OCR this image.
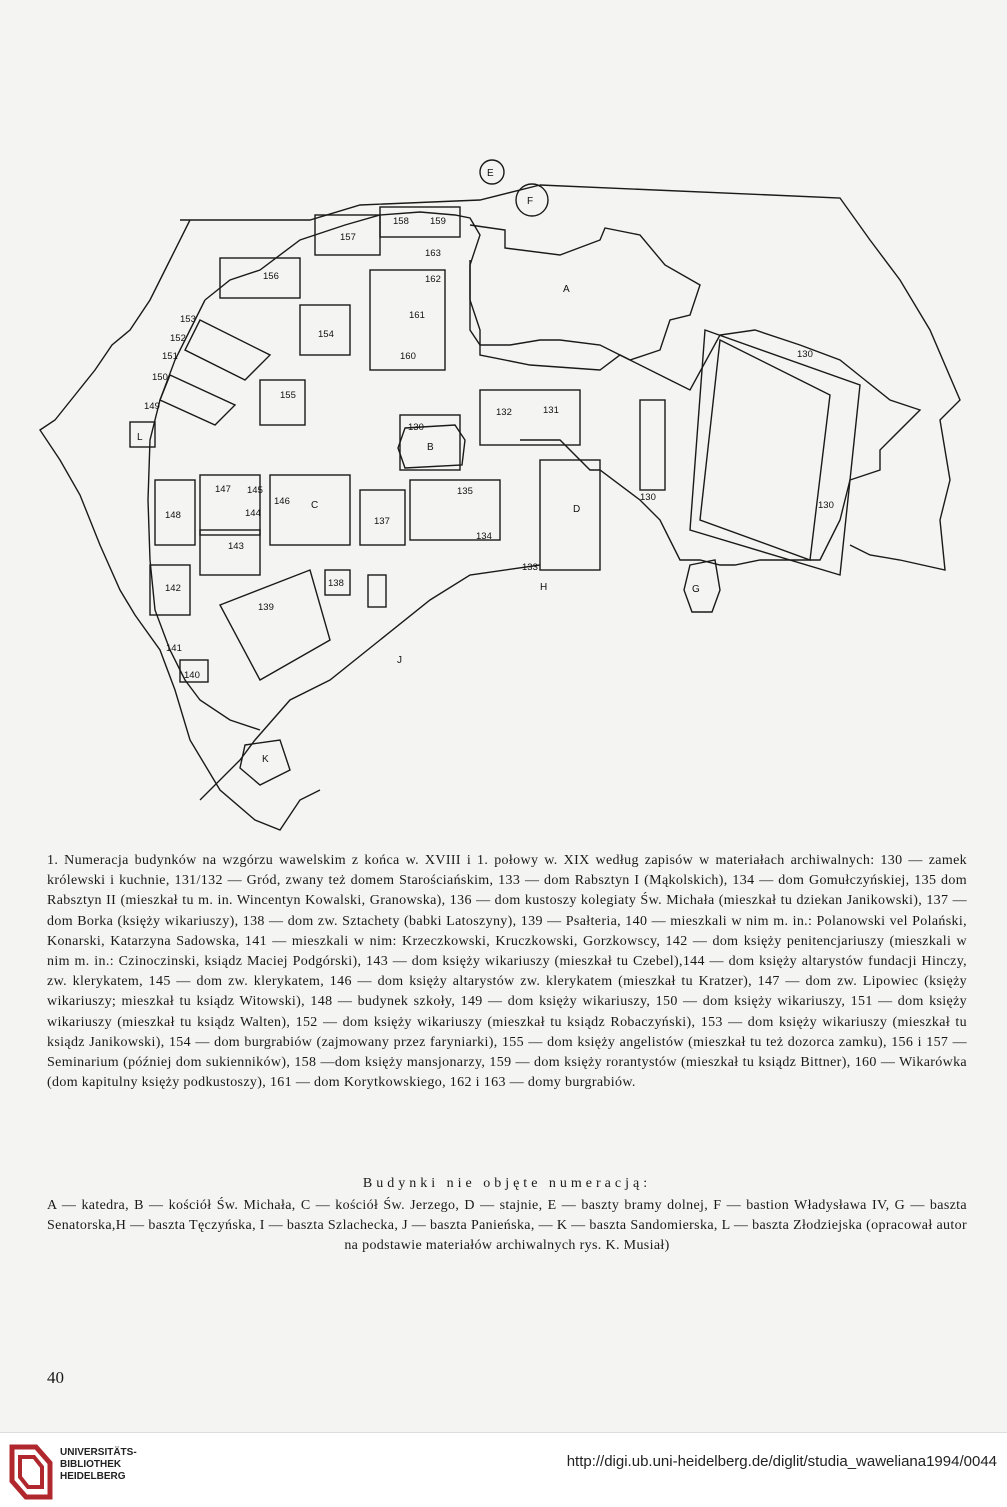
130
130
130
130
131
132
133
134
135
137
138
139
140
141
142
143
145
144
146
147
148
149
150
151
152
153
154
155
156
157
158 159
160
161
162
163
A
B
C	D
E
F
G
H
J
K
L

1. Numeracja budynków na wzgórzu wawelskim z końca w. XVIII i 1. połowy w. XIX według zapisów w materiałach archiwalnych: 130 — zamek królewski i kuchnie, 131/132 — Gród, zwany też domem Starościańskim, 133 — dom Rabsztyn I (Mąkolskich), 134 — dom Gomułczyńskiej, 135 dom Rabsztyn II (mieszkał tu m. in. Wincentyn Kowalski, Granowska), 136 — dom kustoszy kolegiaty Św. Michała (mieszkał tu dziekan Janikowski), 137 — dom Borka (księży wikariuszy), 138 — dom zw. Sztachety (babki Latoszyny), 139 — Psałteria, 140 — mieszkali w nim m. in.: Polanowski vel Polański, Konarski, Katarzyna Sadowska, 141 — mieszkali w nim: Krzeczkowski, Kruczkowski, Gorzkowscy, 142 — dom księży penitencjariuszy (mieszkali w nim m. in.: Czinoczinski, ksiądz Maciej Podgórski), 143 — dom księży wikariuszy (mieszkał tu Czebel),144 — dom księży altarystów fundacji Hinczy, zw. klerykatem, 145 — dom zw. klerykatem, 146 — dom księży altarystów zw. klerykatem (mieszkał tu Kratzer), 147 — dom zw. Lipowiec (księży wikariuszy; mieszkał tu ksiądz Witowski), 148 — budynek szkoły, 149 — dom księży wikariuszy, 150 — dom księży wikariuszy, 151 — dom księży wikariuszy (mieszkał tu ksiądz Walten), 152 — dom księży wikariuszy (mieszkał tu ksiądz Robaczyński), 153 — dom księży wikariuszy (mieszkał tu ksiądz Janikowski), 154 — dom burgrabiów (zajmowany przez faryniarki), 155 — dom księży angelistów (mieszkał tu też dozorca zamku), 156 i 157 — Seminarium (później dom sukienników), 158 —dom księży mansjonarzy, 159 — dom księży rorantystów (mieszkał tu ksiądz Bittner), 160 — Wikarówka (dom kapitulny księży podkustoszy), 161 — dom Korytkowskiego, 162 i 163 — domy burgrabiów.

Budynki nie objęte numeracją:

A — katedra, B — kościół Św. Michała, C — kościół Św. Jerzego, D — stajnie, E — baszty bramy dolnej, F — bastion Władysława IV, G — baszta Senatorska,H — baszta Tęczyńska, I — baszta Szlachecka, J — baszta Panieńska, — K — baszta Sandomierska, L — baszta Złodziejska (opracował autor na podstawie materiałów archiwalnych rys. K. Musiał)

40
UNIVERSITÄTS-
BIBLIOTHEK
HEIDELBERG
http://digi.ub.uni-heidelberg.de/diglit/studia_waweliana1994/0044
